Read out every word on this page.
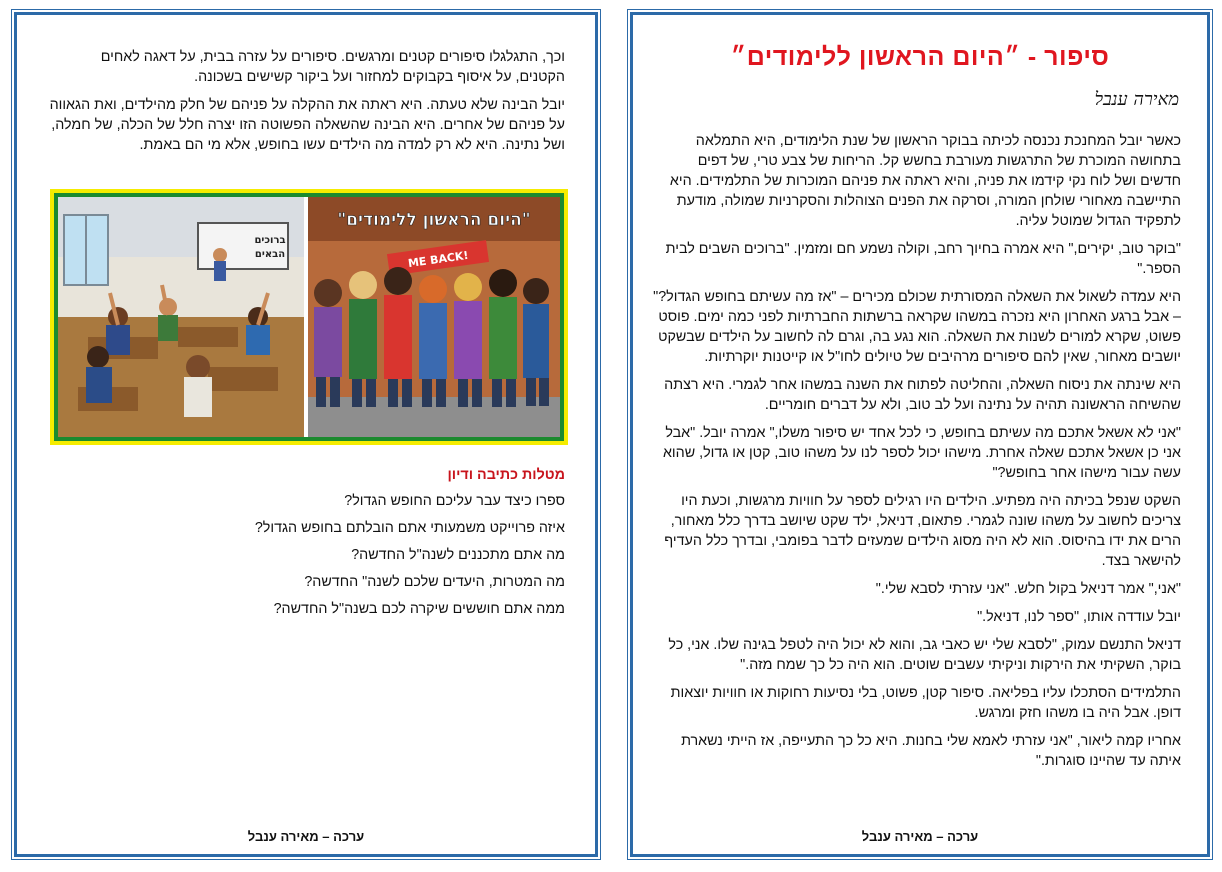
וכך, התגלגלו סיפורים קטנים ומרגשים. סיפורים על עזרה בבית, על דאגה לאחים הקטנים, על איסוף בקבוקים למחזור ועל ביקור קשישים בשכונה.

יובל הבינה שלא טעתה. היא ראתה את ההקלה על פניהם של חלק מהילדים, ואת הגאווה על פניהם של אחרים. היא הבינה שהשאלה הפשוטה הזו יצרה חלל של הכלה, של חמלה, ושל נתינה. היא לא רק למדה מה הילדים עשו בחופש, אלא מי הם באמת.

ברוכים
הבאים
"היום הראשון ללימודים"
ME BACK!
מטלות כתיבה ודיון
ספרו כיצד עבר עליכם החופש הגדול?
איזה פרוייקט משמעותי אתם הובלתם בחופש הגדול?
מה אתם מתכננים לשנה"ל החדשה?
מה המטרות, היעדים שלכם לשנה" החדשה?
ממה אתם חוששים שיקרה לכם בשנה"ל החדשה?
ערכה – מאירה ענבל
סיפור - ״היום הראשון ללימודים״
מאירה ענבל

כאשר יובל המחנכת נכנסה לכיתה בבוקר הראשון של שנת הלימודים, היא התמלאה בתחושה המוכרת של התרגשות מעורבת בחשש קל. הריחות של צבע טרי, של דפים חדשים ושל לוח נקי קידמו את פניה, והיא ראתה את פניהם המוכרות של התלמידים. היא התיישבה מאחורי שולחן המורה, וסרקה את הפנים הצוהלות והסקרניות שמולה, מודעת לתפקיד הגדול שמוטל עליה.

"בוקר טוב, יקירים," היא אמרה בחיוך רחב, וקולה נשמע חם ומזמין. "ברוכים השבים לבית הספר."

היא עמדה לשאול את השאלה המסורתית שכולם מכירים – "אז מה עשיתם בחופש הגדול?" – אבל ברגע האחרון היא נזכרה במשהו שקראה ברשתות החברתיות לפני כמה ימים. פוסט פשוט, שקרא למורים לשנות את השאלה. הוא נגע בה, וגרם לה לחשוב על הילדים שבשקט יושבים מאחור, שאין להם סיפורים מרהיבים של טיולים לחו"ל או קייטנות יוקרתיות.

היא שינתה את ניסוח השאלה, והחליטה לפתוח את השנה במשהו אחר לגמרי. היא רצתה שהשיחה הראשונה תהיה על נתינה ועל לב טוב, ולא על דברים חומריים.

"אני לא אשאל אתכם מה עשיתם בחופש, כי לכל אחד יש סיפור משלו," אמרה יובל. "אבל אני כן אשאל אתכם שאלה אחרת. מישהו יכול לספר לנו על משהו טוב, קטן או גדול, שהוא עשה עבור מישהו אחר בחופש?"

השקט שנפל בכיתה היה מפתיע. הילדים היו רגילים לספר על חוויות מרגשות, וכעת היו צריכים לחשוב על משהו שונה לגמרי. פתאום, דניאל, ילד שקט שיושב בדרך כלל מאחור, הרים את ידו בהיסוס. הוא לא היה מסוג הילדים שמעזים לדבר בפומבי, ובדרך כלל העדיף להישאר בצד.

"אני," אמר דניאל בקול חלש. "אני עזרתי לסבא שלי."

יובל עודדה אותו, "ספר לנו, דניאל."

דניאל התנשם עמוק, "לסבא שלי יש כאבי גב, והוא לא יכול היה לטפל בגינה שלו. אני, כל בוקר, השקיתי את הירקות וניקיתי עשבים שוטים. הוא היה כל כך שמח מזה."

התלמידים הסתכלו עליו בפליאה. סיפור קטן, פשוט, בלי נסיעות רחוקות או חוויות יוצאות דופן. אבל היה בו משהו חזק ומרגש.

אחריו קמה ליאור, "אני עזרתי לאמא שלי בחנות. היא כל כך התעייפה, אז הייתי נשארת איתה עד שהיינו סוגרות."

ערכה – מאירה ענבל
